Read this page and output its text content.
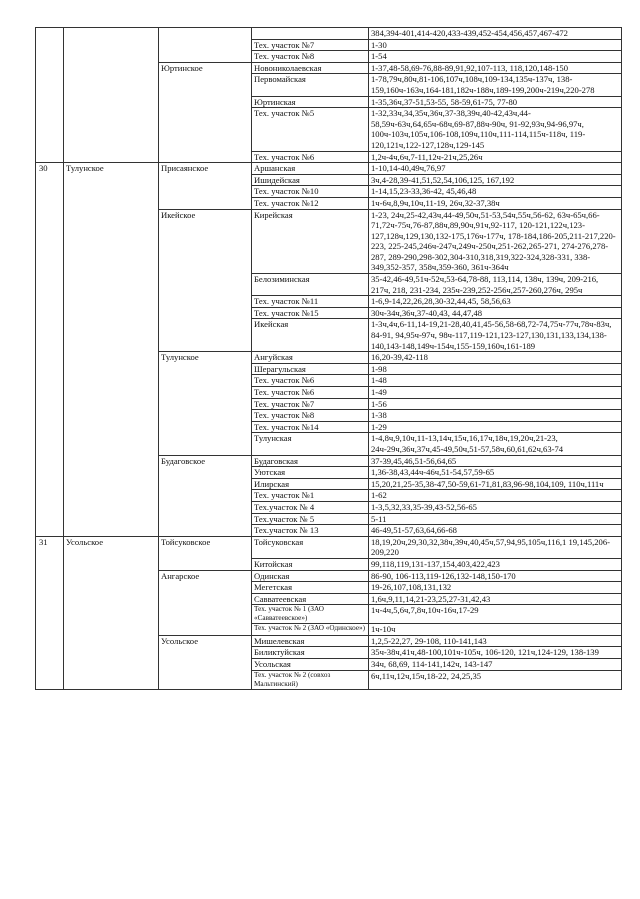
				384,394-401,414-420,433-439,452-454,456,457,467-472
			Тех. участок №7	1-30
			Тех. участок №8	1-54
		Юртинское	Новониколаевская	1-37,48-58,69-76,88-89,91,92,107-113, 118,120,148-150
			Первомайская	1-78,79ч,80ч,81-106,107ч,108ч,109-134,135ч-137ч, 138-159,160ч-163ч,164-181,182ч-188ч,189-199,200ч-219ч,220-278
			Юртинская	1-35,36ч,37-51,53-55, 58-59,61-75, 77-80
			Тех. участок №5	1-32,33ч,34,35ч,36ч,37-38,39ч,40-42,43ч,44-58,59ч-63ч,64,65ч-68ч,69-87,88ч-90ч, 91-92,93ч,94-96,97ч, 100ч-103ч,105ч,106-108,109ч,110ч,111-114,115ч-118ч, 119-120,121ч,122-127,128ч,129-145
			Тех. участок №6	1,2ч-4ч,6ч,7-11,12ч-21ч,25,26ч
30	Тулунское	Присаянское	Аршанская	1-10,14-40,49ч,76,97
			Ишидейская	3ч,4-28,39-41,51,52,54,106,125, 167,192
			Тех. участок №10	1-14,15,23-33,36-42, 45,46,48
			Тех. участок №12	1ч-6ч,8,9ч,10ч,11-19, 26ч,32-37,38ч
		Икейское	Кирейская	1-23, 24ч,25-42,43ч,44-49,50ч,51-53,54ч,55ч,56-62, 63ч-65ч,66-71,72ч-75ч,76-87,88ч,89,90ч,91ч,92-117, 120-121,122ч,123-127,128ч,129,130,132-175,176ч-177ч, 178-184,186-205,211-217,220-223, 225-245,246ч-247ч,249ч-250ч,251-262,265-271, 274-276,278-287, 289-290,298-302,304-310,318,319,322-324,328-331, 338-349,352-357, 358ч,359-360, 361ч-364ч
			Белозиминская	35-42,46-49,51ч-52ч,53-64,78-88, 113,114, 138ч, 139ч, 209-216, 217ч, 218, 231-234, 235ч-239,252-256ч,257-260,276ч, 295ч
			Тех. участок №11	1-6,9-14,22,26,28,30-32,44,45, 58,56,63
			Тех. участок №15	30ч-34ч,36ч,37-40,43, 44,47,48
			Икейская	1-3ч,4ч,6-11,14-19,21-28,40,41,45-56,58-68,72-74,75ч-77ч,78ч-83ч, 84-91, 94,95ч-97ч, 98ч-117,119-121,123-127,130,131,133,134,138-140,143-148,149ч-154ч,155-159,160ч,161-189
		Тулунское	Ангуйская	16,20-39,42-118
			Шерагульская	1-98
			Тех. участок №6	1-48
			Тех. участок №6	1-49
			Тех. участок №7	1-56
			Тех. участок №8	1-38
			Тех. участок №14	1-29
			Тулунская	1-4,8ч,9,10ч,11-13,14ч,15ч,16,17ч,18ч,19,20ч,21-23, 24ч-29ч,36ч,37ч,45-49,50ч,51-57,58ч,60,61,62ч,63-74
		Будаговское	Будаговская	37-39,45,46,51-56,64,65
			Уютская	1,36-38,43,44ч-46ч,51-54,57,59-65
			Илирская	15,20,21,25-35,38-47,50-59,61-71,81,83,96-98,104,109, 110ч,111ч
			Тех. участок №1	1-62
			Тех.участок № 4	1-3,5,32,33,35-39,43-52,56-65
			Тех.участок № 5	5-11
			Тех.участок № 13	46-49,51-57,63,64,66-68
31	Усольское	Тойсуковское	Тойсуковская	18,19,20ч,29,30,32,38ч,39ч,40,45ч,57,94,95,105ч,116,1 19,145,206-209,220
			Китойская	99,118,119,131-137,154,403,422,423
		Ангарское	Одинская	86-90, 106-113,119-126,132-148,150-170
			Мегетская	19-26,107,108,131,132
			Савватеевская	1,6ч,9,11,14,21-23,25,27-31,42,43
			Тех. участок № 1 (ЗАО «Савватеевское»)	1ч-4ч,5,6ч,7,8ч,10ч-16ч,17-29
			Тех. участок № 2 (ЗАО «Одинское»)	1ч-10ч
		Усольское	Мишелевская	1,2,5-22,27, 29-108, 110-141,143
			Биликтуйская	35ч-38ч,41ч,48-100,101ч-105ч, 106-120, 121ч,124-129, 138-139
			Усольская	34ч, 68,69, 114-141,142ч, 143-147
			Тех. участок № 2 (совхоз Мальтинский)	6ч,11ч,12ч,15ч,18-22, 24,25,35
